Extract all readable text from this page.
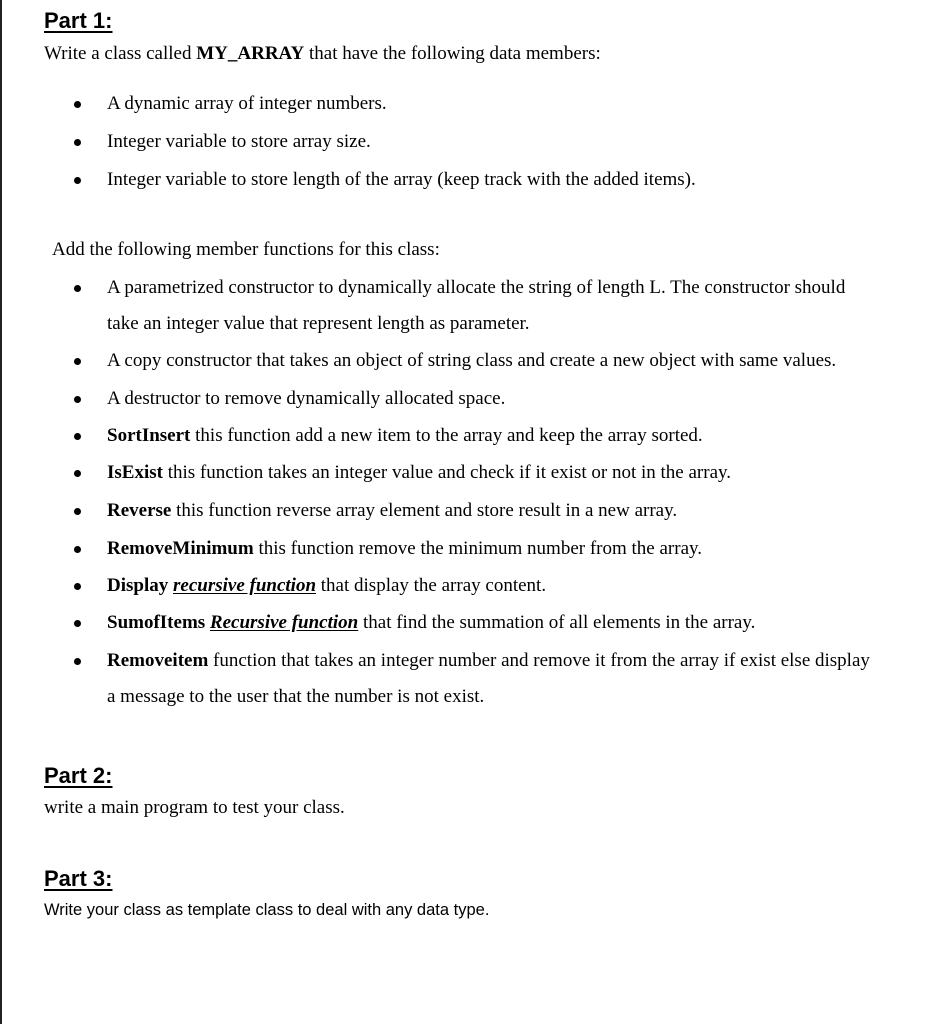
Part 1:
Write a class called MY_ARRAY that have the following data members:
A dynamic array of integer numbers.
Integer variable to store array size.
Integer variable to store length of the array (keep track with the added items).
Add the following member functions for this class:
A parametrized constructor to dynamically allocate the string of length L. The constructor should
take an integer value that represent length as parameter.
A copy constructor that takes an object of string class and create a new object with same values.
A destructor to remove dynamically allocated space.
SortInsert this function add a new item to the array and keep the array sorted.
IsExist this function takes an integer value and check if it exist or not in the array.
Reverse this function reverse array element and store result in a new array.
RemoveMinimum this function remove the minimum number from the array.
Display recursive function that display the array content.
SumofItems Recursive function that find the summation of all elements in the array.
Removeitem function that takes an integer number and remove it from the array if exist else display
a message to the user that the number is not exist.
Part 2:
write a main program to test your class.
Part 3:
Write your class as template class to deal with any data type.
